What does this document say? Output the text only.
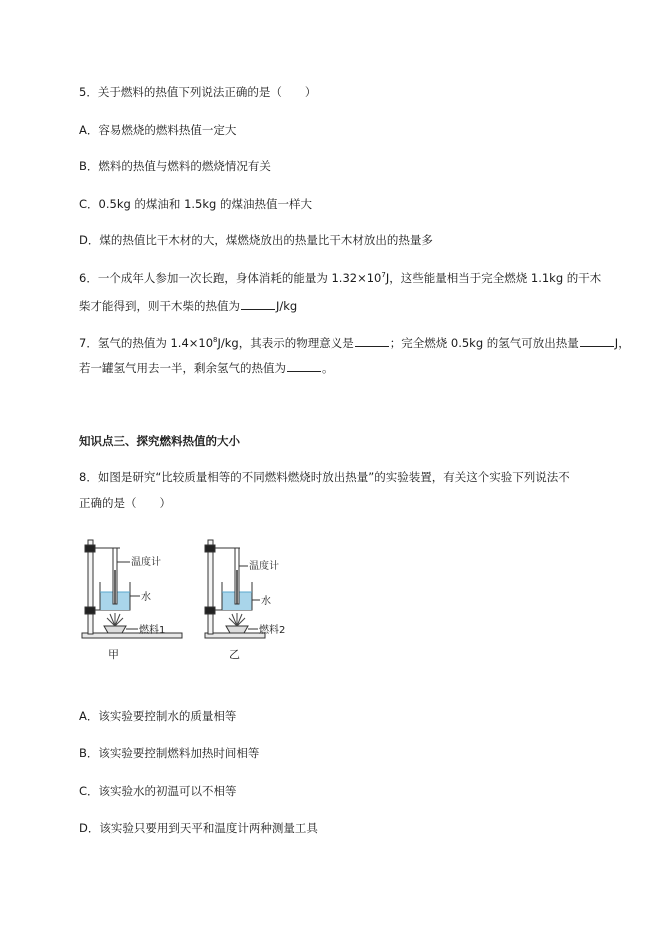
5．关于燃料的热值下列说法正确的是（　　）
A．容易燃烧的燃料热值一定大
B．燃料的热值与燃料的燃烧情况有关
C．0.5kg 的煤油和 1.5kg 的煤油热值一样大
D．煤的热值比干木材的大，煤燃烧放出的热量比干木材放出的热量多
6．一个成年人参加一次长跑，身体消耗的能量为 $1.32\times 10^7J$，这些能量相当于完全燃烧 1.1kg 的干木
柴才能得到，则干木柴的热值为	J/kg
7．氢气的热值为 $1.4\times 10^8J/kg$，其表示的物理意义是	；完全燃烧 0.5kg 的氢气可放出热量	J，
若一罐氢气用去一半，剩余氢气的热值为	。
知识点三、探究燃料热值的大小
8．如图是研究“比较质量相等的不同燃料燃烧时放出热量”的实验装置，有关这个实验下列说法不
正确的是（　　）
温度计
水
燃料1
甲
温度计
水
燃料2
乙
A．该实验要控制水的质量相等
B．该实验要控制燃料加热时间相等
C．该实验水的初温可以不相等
D．该实验只要用到天平和温度计两种测量工具
